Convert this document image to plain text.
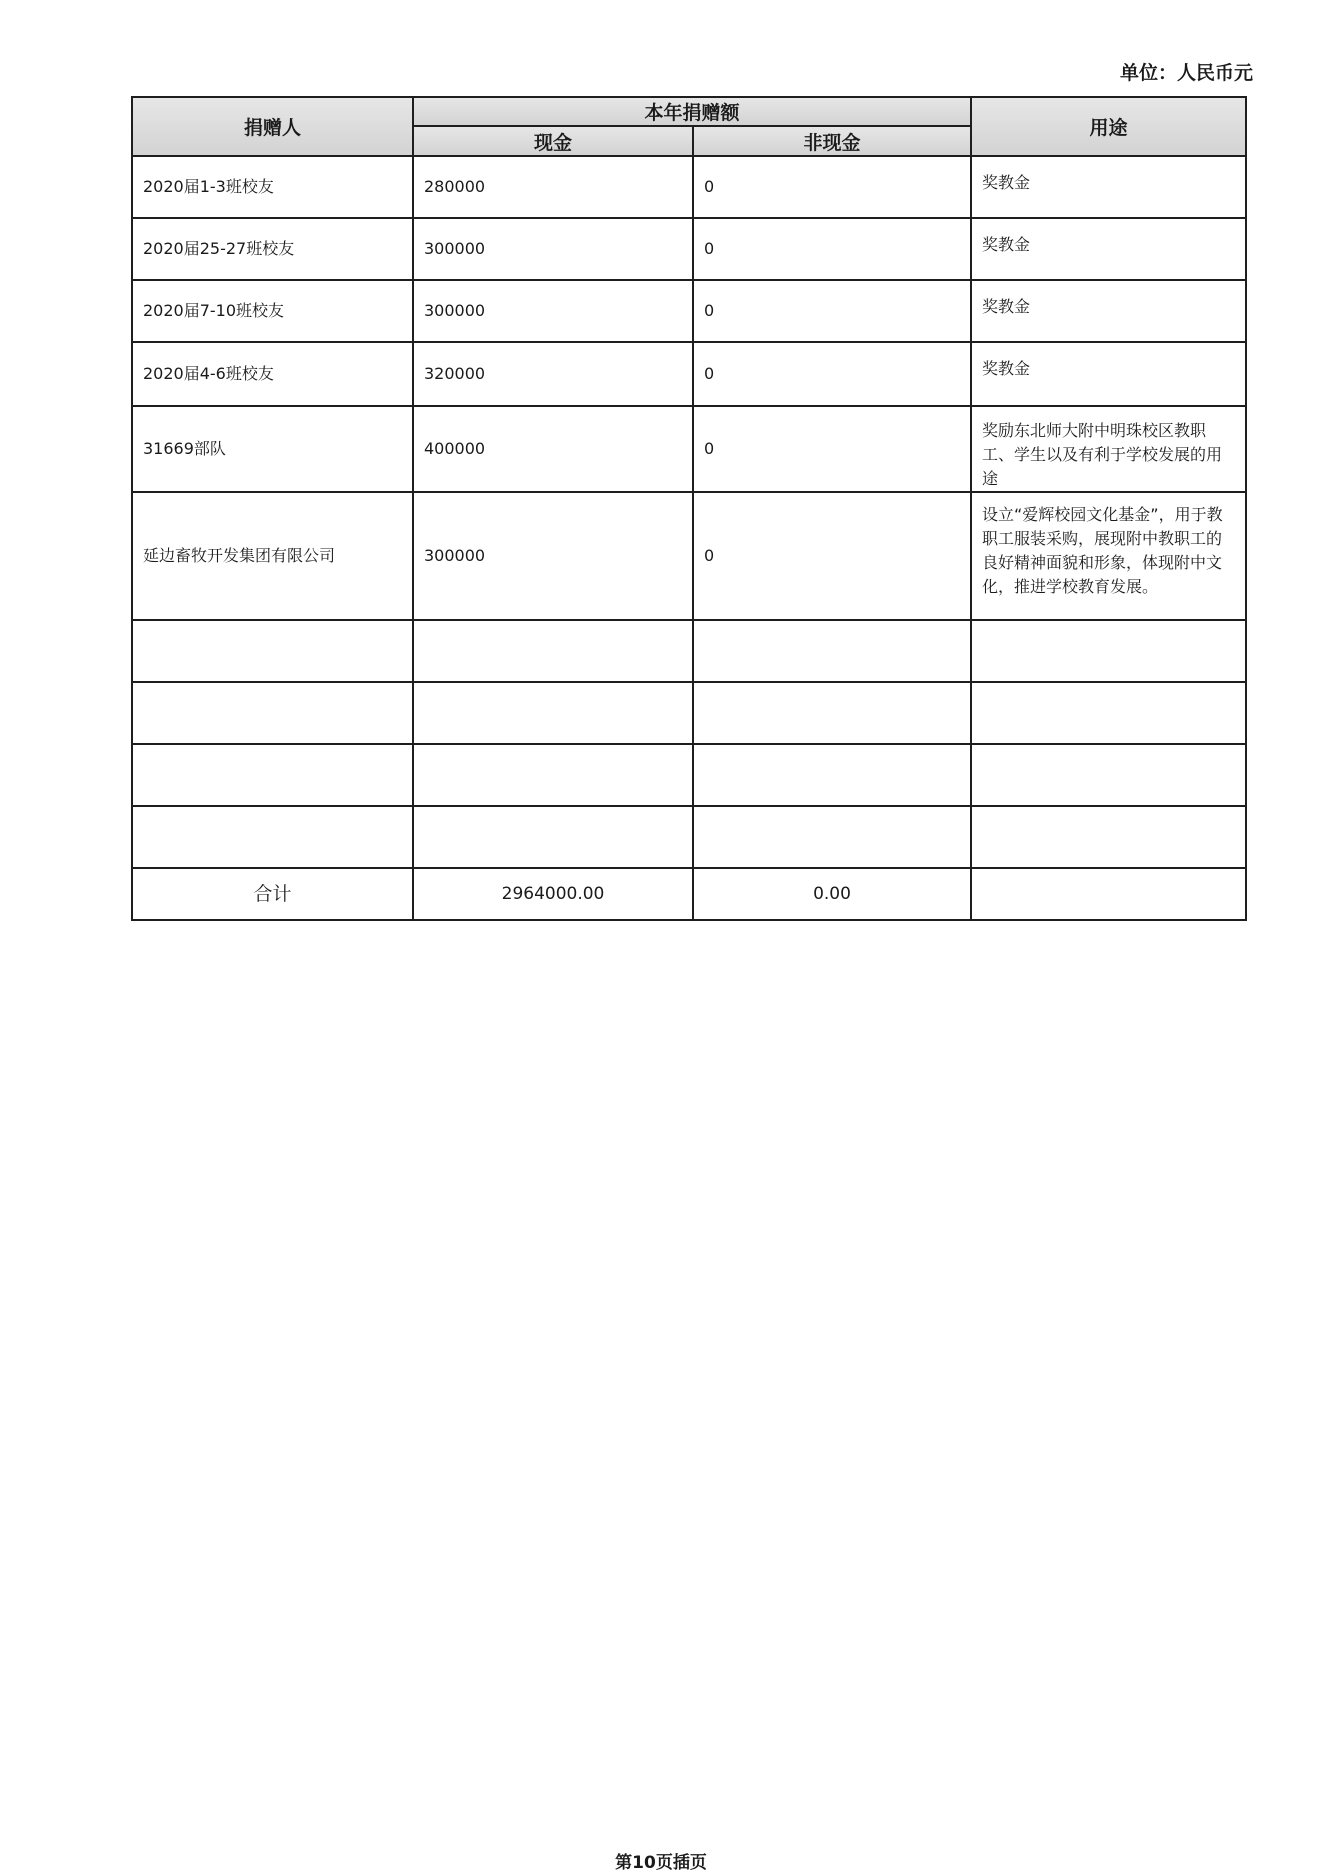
单位：人民币元
捐赠人	本年捐赠额		用途
	现金	非现金	
2020届1-3班校友	280000	0	奖教金
2020届25-27班校友	300000	0	奖教金
2020届7-10班校友	300000	0	奖教金
2020届4-6班校友	320000	0	奖教金
31669部队	400000	0	奖励东北师大附中明珠校区教职工、学生以及有利于学校发展的用途
延边畜牧开发集团有限公司	300000	0	设立“爱辉校园文化基金”，用于教职工服装采购，展现附中教职工的良好精神面貌和形象，体现附中文化，推进学校教育发展。

合计	2964000.00	0.00	
第10页插页
